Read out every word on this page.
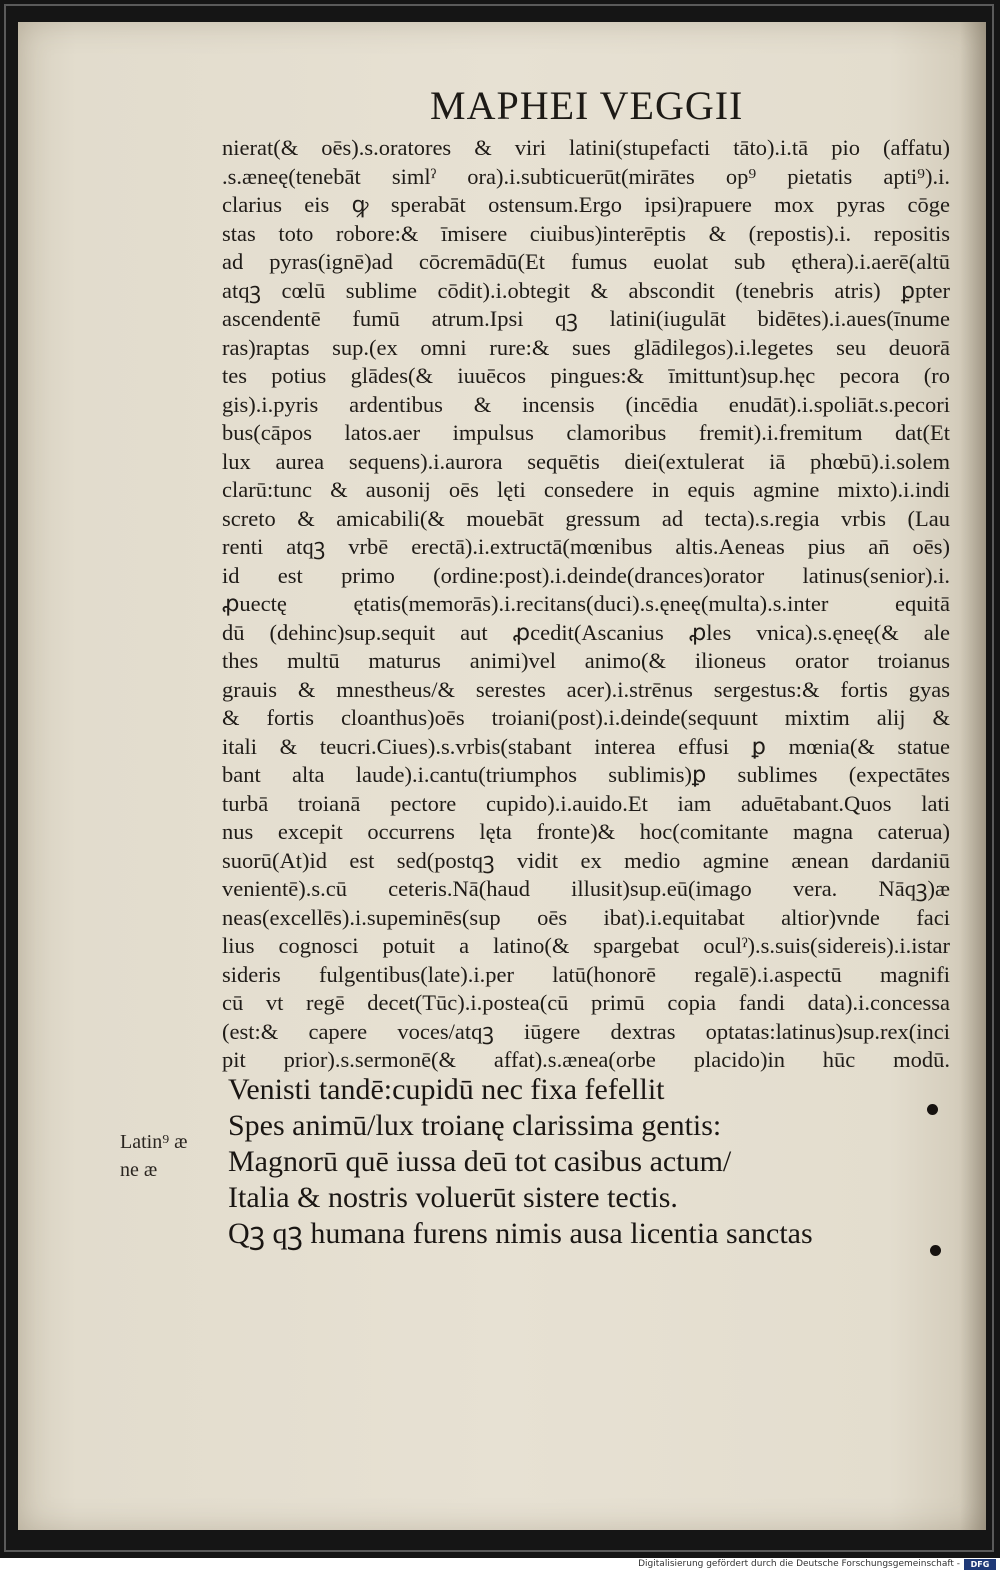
MAPHEI VEGGII
nierat(& oēs).s.oratores & viri latini(stupefacti tāto).i.tā pio (affatu)
.s.æneę(tenebāt simlˀ ora).i.subticuerūt(mirātes op⁹ pietatis apti⁹).i.
clarius eis ꝙ sperabāt ostensum.Ergo ipsi)rapuere mox pyras cōge
stas toto robore:& īmisere ciuibus)interēptis & (repostis).i. repositis
ad pyras(ignē)ad cōcremādū(Et fumus euolat sub ęthera).i.aerē(altū
atqꝫ cœlū sublime cōdit).i.obtegit & abscondit (tenebris atris) ꝑpter
ascendentē fumū atrum.Ipsi qꝫ latini(iugulāt bidētes).i.aues(īnume
ras)raptas sup.(ex omni rure:& sues glādilegos).i.legetes seu deuorā
tes potius glādes(& iuuēcos pingues:& īmittunt)sup.hęc pecora (ro
gis).i.pyris ardentibus & incensis (incēdia enudāt).i.spoliāt.s.pecori
bus(cāpos latos.aer impulsus clamoribus fremit).i.fremitum dat(Et
lux aurea sequens).i.aurora sequētis diei(extulerat iā phœbū).i.solem
clarū:tunc & ausonij oēs lęti consedere in equis agmine mixto).i.indi
screto & amicabili(& mouebāt gressum ad tecta).s.regia vrbis (Lau
renti atqꝫ vrbē erectā).i.extructā(mœnibus altis.Aeneas pius an̄ oēs)
id est primo (ordine:post).i.deinde(drances)orator latinus(senior).i.
ꝓuectę ętatis(memorās).i.recitans(duci).s.ęneę(multa).s.inter equitā
dū (dehinc)sup.sequit aut ꝓcedit(Ascanius ꝓles vnica).s.ęneę(& ale
thes multū maturus animi)vel animo(& ilioneus orator troianus
grauis & mnestheus/& serestes acer).i.strēnus sergestus:& fortis gyas
& fortis cloanthus)oēs troiani(post).i.deinde(sequunt mixtim alij &
itali & teucri.Ciues).s.vrbis(stabant interea effusi ꝑ mœnia(& statue
bant alta laude).i.cantu(triumphos sublimis)ꝑ sublimes (expectātes
turbā troianā pectore cupido).i.auido.Et iam aduētabant.Quos lati
nus excepit occurrens lęta fronte)& hoc(comitante magna caterua)
suorū(At)id est sed(postqꝫ vidit ex medio agmine ænean dardaniū
venientē).s.cū ceteris.Nā(haud illusit)sup.eū(imago vera. Nāqꝫ)æ
neas(excellēs).i.supeminēs(sup oēs ibat).i.equitabat altior)vnde faci
lius cognosci potuit a latino(& spargebat oculˀ).s.suis(sidereis).i.istar
sideris fulgentibus(late).i.per latū(honorē regalē).i.aspectū magnifi
cū vt regē decet(Tūc).i.postea(cū primū copia fandi data).i.concessa
(est:& capere voces/atqꝫ iūgere dextras optatas:latinus)sup.rex(inci
pit prior).s.sermonē(& affat).s.ænea(orbe placido)in hūc modū.
Latin⁹ æ
ne æ
Venisti tandē:cupidū nec fixa fefellit
Spes animū/lux troianę clarissima gentis:
Magnorū quē iussa deū tot casibus actum/
Italia & nostris voluerūt sistere tectis.
Qꝫ qꝫ humana furens nimis ausa licentia sanctas
Digitalisierung gefördert durch die Deutsche Forschungsgemeinschaft -	DFG
